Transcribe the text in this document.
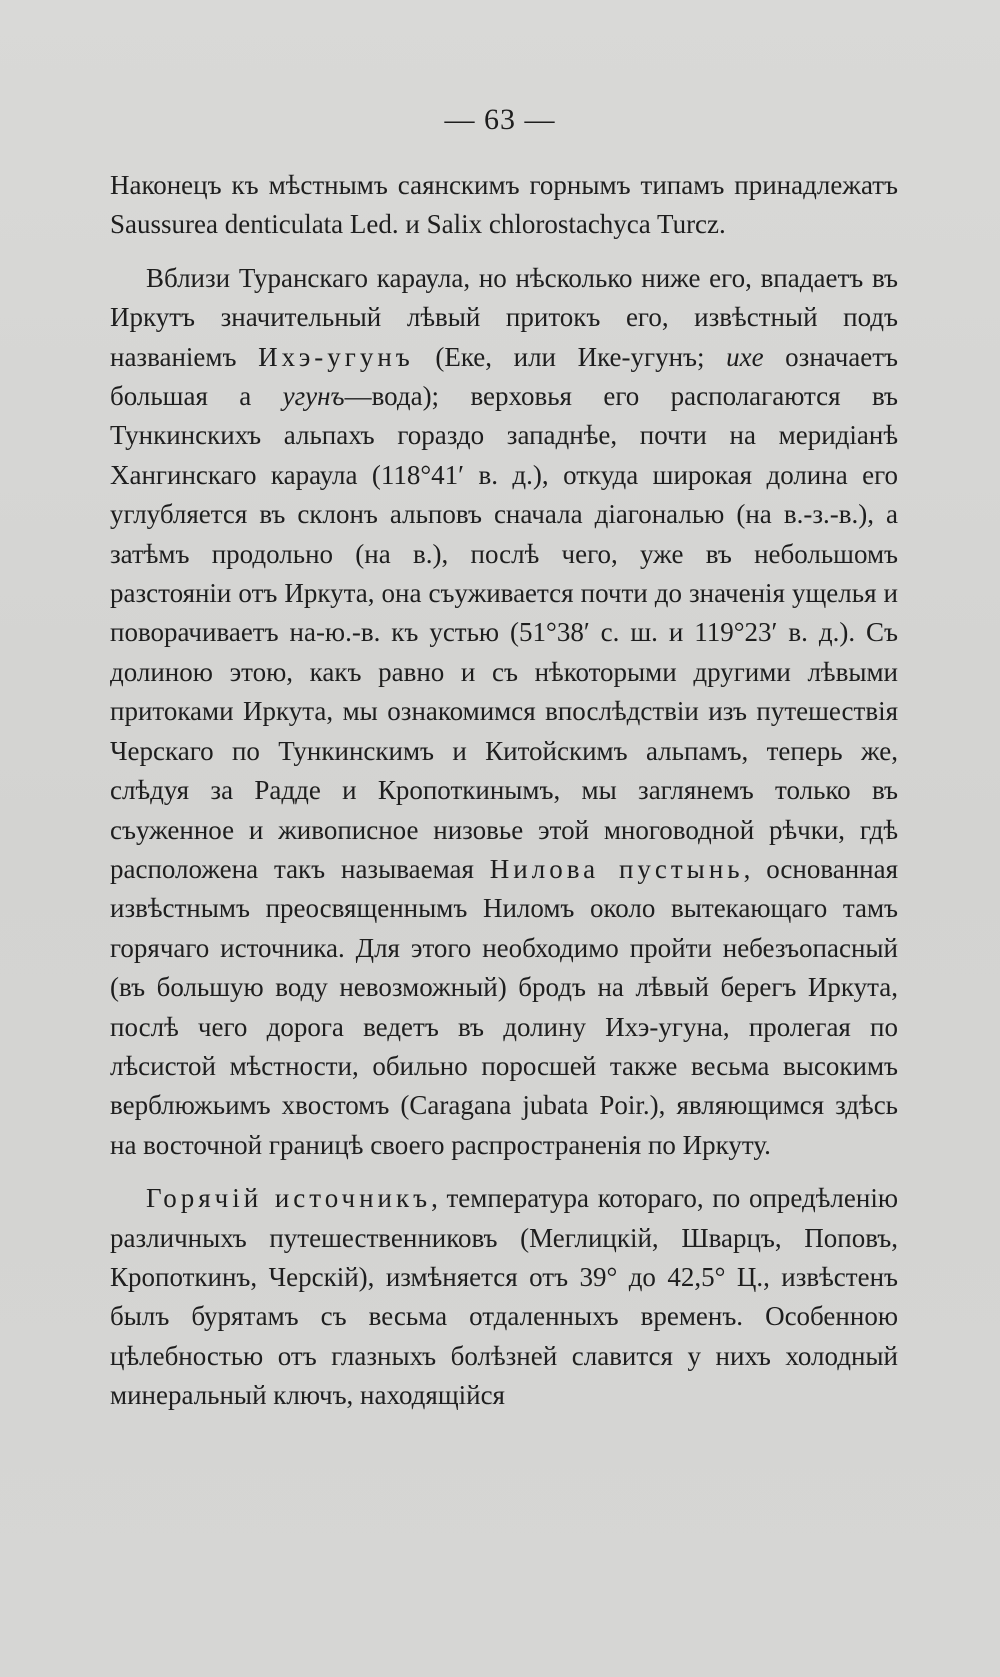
— 63 —

Наконецъ къ мѣстнымъ саянскимъ горнымъ типамъ принадлежатъ Saussurea denticulata Led. и Salix chlorostachyca Turcz.

Вблизи Туранскаго караула, но нѣсколько ниже его, впадаетъ въ Иркутъ значительный лѣвый притокъ его, извѣстный подъ названіемъ Ихэ-угунъ (Еке, или Ике-угунъ; ихе означаетъ большая а угунъ—вода); верховья его располагаются въ Тункинскихъ альпахъ гораздо западнѣе, почти на меридіанѣ Хангинскаго караула (118°41′ в. д.), откуда широкая долина его углубляется въ склонъ альповъ сначала діагональю (на в.-з.-в.), а затѣмъ продольно (на в.), послѣ чего, уже въ небольшомъ разстояніи отъ Иркута, она съуживается почти до значенія ущелья и поворачиваетъ на-ю.-в. къ устью (51°38′ с. ш. и 119°23′ в. д.). Съ долиною этою, какъ равно и съ нѣкоторыми другими лѣвыми притоками Иркута, мы ознакомимся впослѣдствіи изъ путешествія Черскаго по Тункинскимъ и Китойскимъ альпамъ, теперь же, слѣдуя за Радде и Кропоткинымъ, мы заглянемъ только въ съуженное и живописное низовье этой многоводной рѣчки, гдѣ расположена такъ называемая Нилова пустынь, основанная извѣстнымъ преосвященнымъ Ниломъ около вытекающаго тамъ горячаго источника. Для этого необходимо пройти небезъопасный (въ большую воду невозможный) бродъ на лѣвый берегъ Иркута, послѣ чего дорога ведетъ въ долину Ихэ-угуна, пролегая по лѣсистой мѣстности, обильно поросшей также весьма высокимъ верблюжьимъ хвостомъ (Caragana jubata Poir.), являющимся здѣсь на восточной границѣ своего распространенія по Иркуту.

Горячій источникъ, температура котораго, по опредѣленію различныхъ путешественниковъ (Меглицкій, Шварцъ, Поповъ, Кропоткинъ, Черскій), измѣняется отъ 39° до 42,5° Ц., извѣстенъ былъ бурятамъ съ весьма отдаленныхъ временъ. Особенною цѣлебностью отъ глазныхъ болѣзней славится у нихъ холодный минеральный ключъ, находящійся
